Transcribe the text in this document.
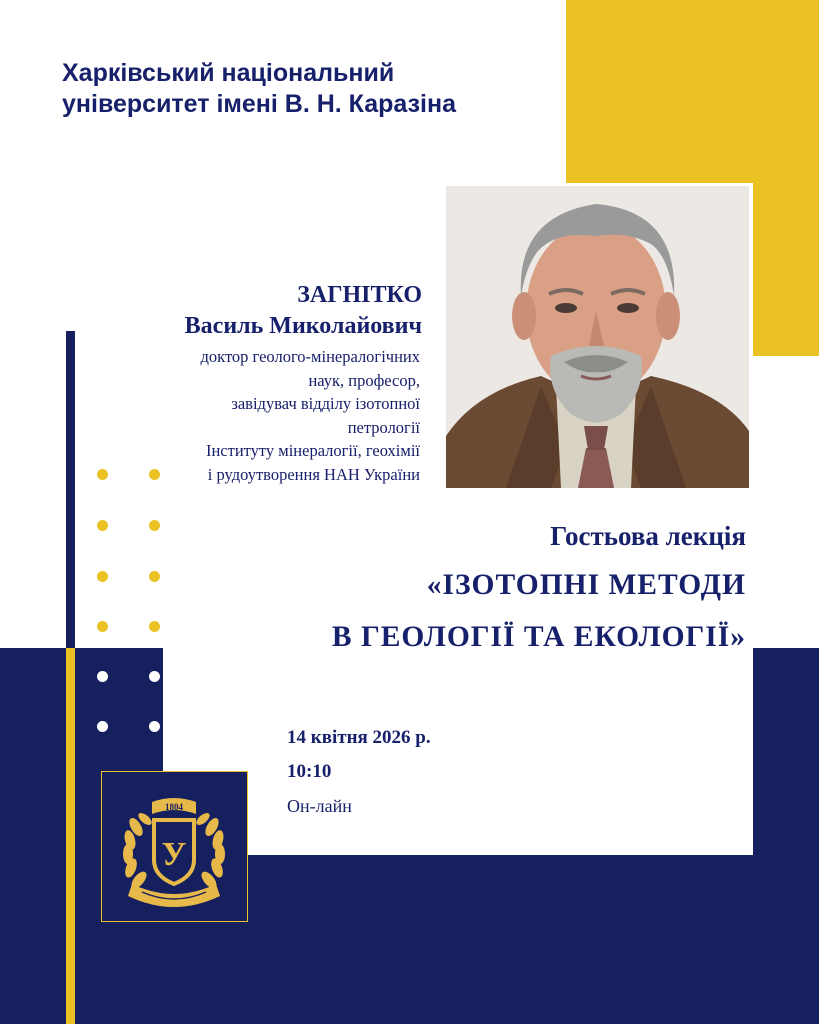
Харківський національний
університет імені В. Н. Каразіна
ЗАГНІТКО
Василь Миколайович
доктор геолого-мінералогічних
наук, професор,
завідувач відділу ізотопної
петрології
Інституту мінералогії, геохімії
і рудоутворення НАН України
Гостьова лекція
«ІЗОТОПНІ МЕТОДИ
В ГЕОЛОГІЇ ТА ЕКОЛОГІЇ»
14 квітня 2026 р.
10:10
Он-лайн
1804
У
